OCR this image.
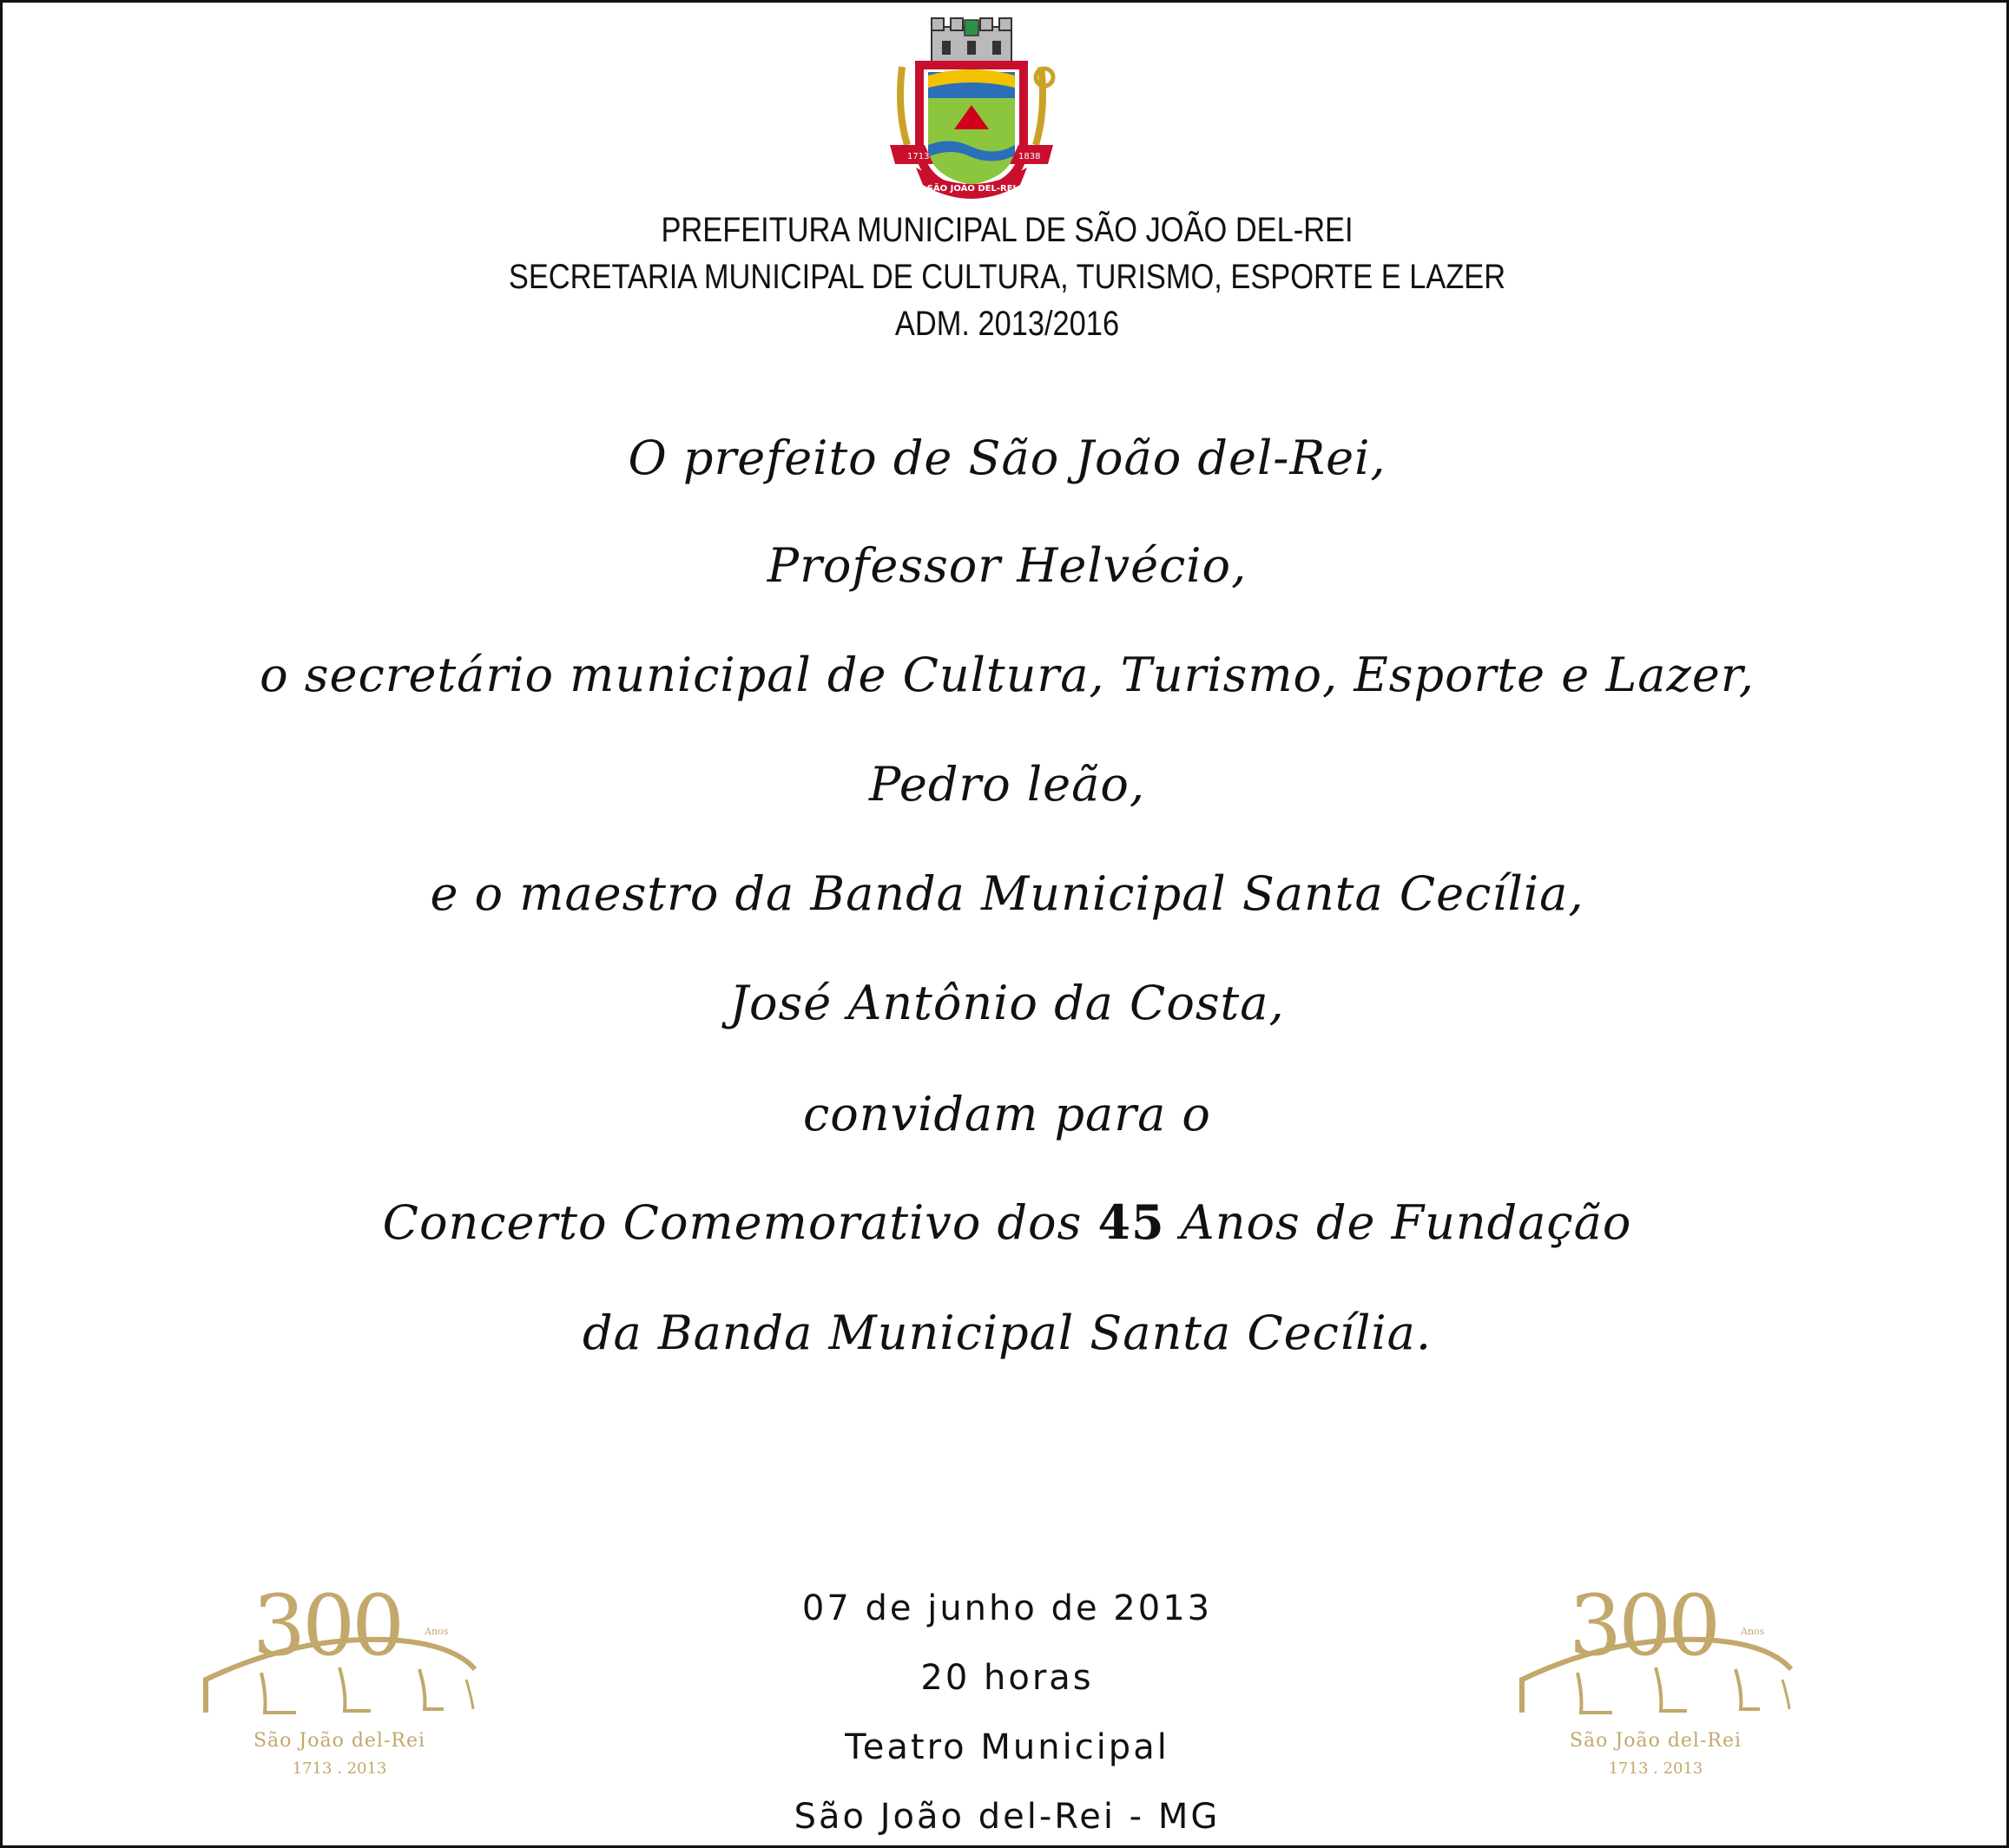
1713	1838
SÃO JOÃO DEL-REI
PREFEITURA MUNICIPAL DE SÃO JOÃO DEL-REI
SECRETARIA MUNICIPAL DE CULTURA, TURISMO, ESPORTE E LAZER
ADM. 2013/2016
O prefeito de São João del-Rei,
Professor Helvécio,
o secretário municipal de Cultura, Turismo, Esporte e Lazer,
Pedro leão,
e o maestro da Banda Municipal Santa Cecília,
José Antônio da Costa,
convidam para o
Concerto Comemorativo dos 45 Anos de Fundação
da Banda Municipal Santa Cecília.
07 de junho de 2013
20 horas
Teatro Municipal
São João del-Rei - MG
300 Anos
São João del-Rei
1713 . 2013
300 Anos
São João del-Rei
1713 . 2013
